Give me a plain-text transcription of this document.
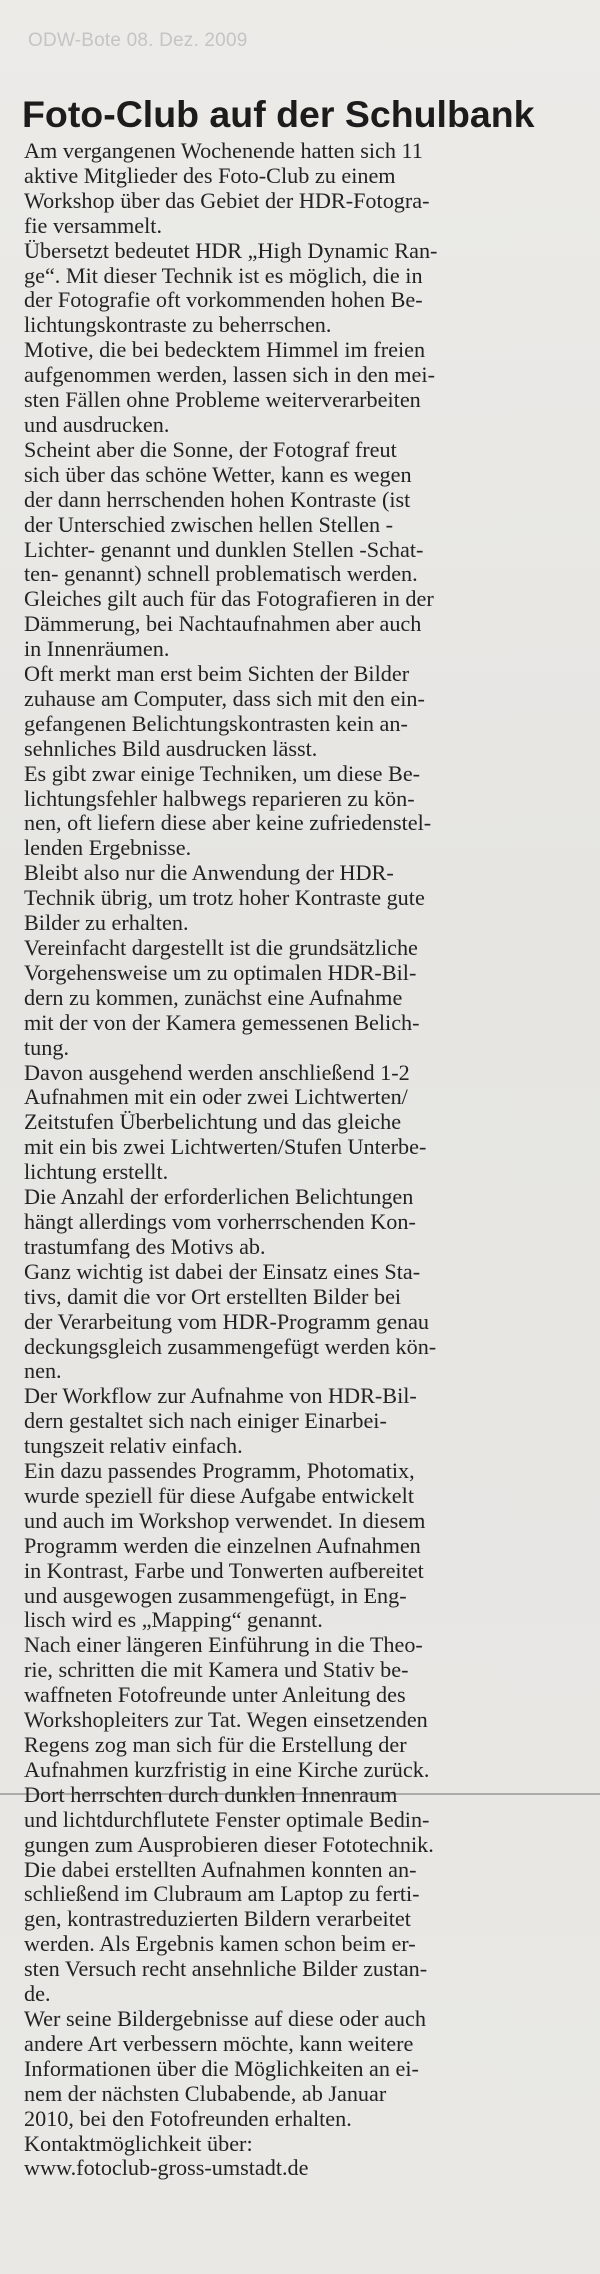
ODW-Bote 08. Dez. 2009
Foto-Club auf der Schulbank

Am vergangenen Wochenende hatten sich 11
aktive Mitglieder des Foto-Club zu einem
Workshop über das Gebiet der HDR-Fotogra-
fie versammelt.

Übersetzt bedeutet HDR „High Dynamic Ran-
ge“. Mit dieser Technik ist es möglich, die in
der Fotografie oft vorkommenden hohen Be-
lichtungskontraste zu beherrschen.

Motive, die bei bedecktem Himmel im freien
aufgenommen werden, lassen sich in den mei-
sten Fällen ohne Probleme weiterverarbeiten
und ausdrucken.

Scheint aber die Sonne, der Fotograf freut
sich über das schöne Wetter, kann es wegen
der dann herrschenden hohen Kontraste (ist
der Unterschied zwischen hellen Stellen -
Lichter- genannt und dunklen Stellen -Schat-
ten- genannt) schnell problematisch werden.

Gleiches gilt auch für das Fotografieren in der
Dämmerung, bei Nachtaufnahmen aber auch
in Innenräumen.

Oft merkt man erst beim Sichten der Bilder
zuhause am Computer, dass sich mit den ein-
gefangenen Belichtungskontrasten kein an-
sehnliches Bild ausdrucken lässt.

Es gibt zwar einige Techniken, um diese Be-
lichtungsfehler halbwegs reparieren zu kön-
nen, oft liefern diese aber keine zufriedenstel-
lenden Ergebnisse.

Bleibt also nur die Anwendung der HDR-
Technik übrig, um trotz hoher Kontraste gute
Bilder zu erhalten.

Vereinfacht dargestellt ist die grundsätzliche
Vorgehensweise um zu optimalen HDR-Bil-
dern zu kommen, zunächst eine Aufnahme
mit der von der Kamera gemessenen Belich-
tung.

Davon ausgehend werden anschließend 1-2
Aufnahmen mit ein oder zwei Lichtwerten/
Zeitstufen Überbelichtung und das gleiche
mit ein bis zwei Lichtwerten/Stufen Unterbe-
lichtung erstellt.

Die Anzahl der erforderlichen Belichtungen
hängt allerdings vom vorherrschenden Kon-
trastumfang des Motivs ab.

Ganz wichtig ist dabei der Einsatz eines Sta-
tivs, damit die vor Ort erstellten Bilder bei
der Verarbeitung vom HDR-Programm genau
deckungsgleich zusammengefügt werden kön-
nen.

Der Workflow zur Aufnahme von HDR-Bil-
dern gestaltet sich nach einiger Einarbei-
tungszeit relativ einfach.

Ein dazu passendes Programm, Photomatix,
wurde speziell für diese Aufgabe entwickelt
und auch im Workshop verwendet. In diesem
Programm werden die einzelnen Aufnahmen
in Kontrast, Farbe und Tonwerten aufbereitet
und ausgewogen zusammengefügt, in Eng-
lisch wird es „Mapping“ genannt.

Nach einer längeren Einführung in die Theo-
rie, schritten die mit Kamera und Stativ be-
waffneten Fotofreunde unter Anleitung des
Workshopleiters zur Tat. Wegen einsetzenden
Regens zog man sich für die Erstellung der
Aufnahmen kurzfristig in eine Kirche zurück.

Dort herrschten durch dunklen Innenraum
und lichtdurchflutete Fenster optimale Bedin-
gungen zum Ausprobieren dieser Fototechnik.
Die dabei erstellten Aufnahmen konnten an-
schließend im Clubraum am Laptop zu ferti-
gen, kontrastreduzierten Bildern verarbeitet
werden. Als Ergebnis kamen schon beim er-
sten Versuch recht ansehnliche Bilder zustan-
de.

Wer seine Bildergebnisse auf diese oder auch
andere Art verbessern möchte, kann weitere
Informationen über die Möglichkeiten an ei-
nem der nächsten Clubabende, ab Januar
2010, bei den Fotofreunden erhalten.
Kontaktmöglichkeit über:
www.fotoclub-gross-umstadt.de
